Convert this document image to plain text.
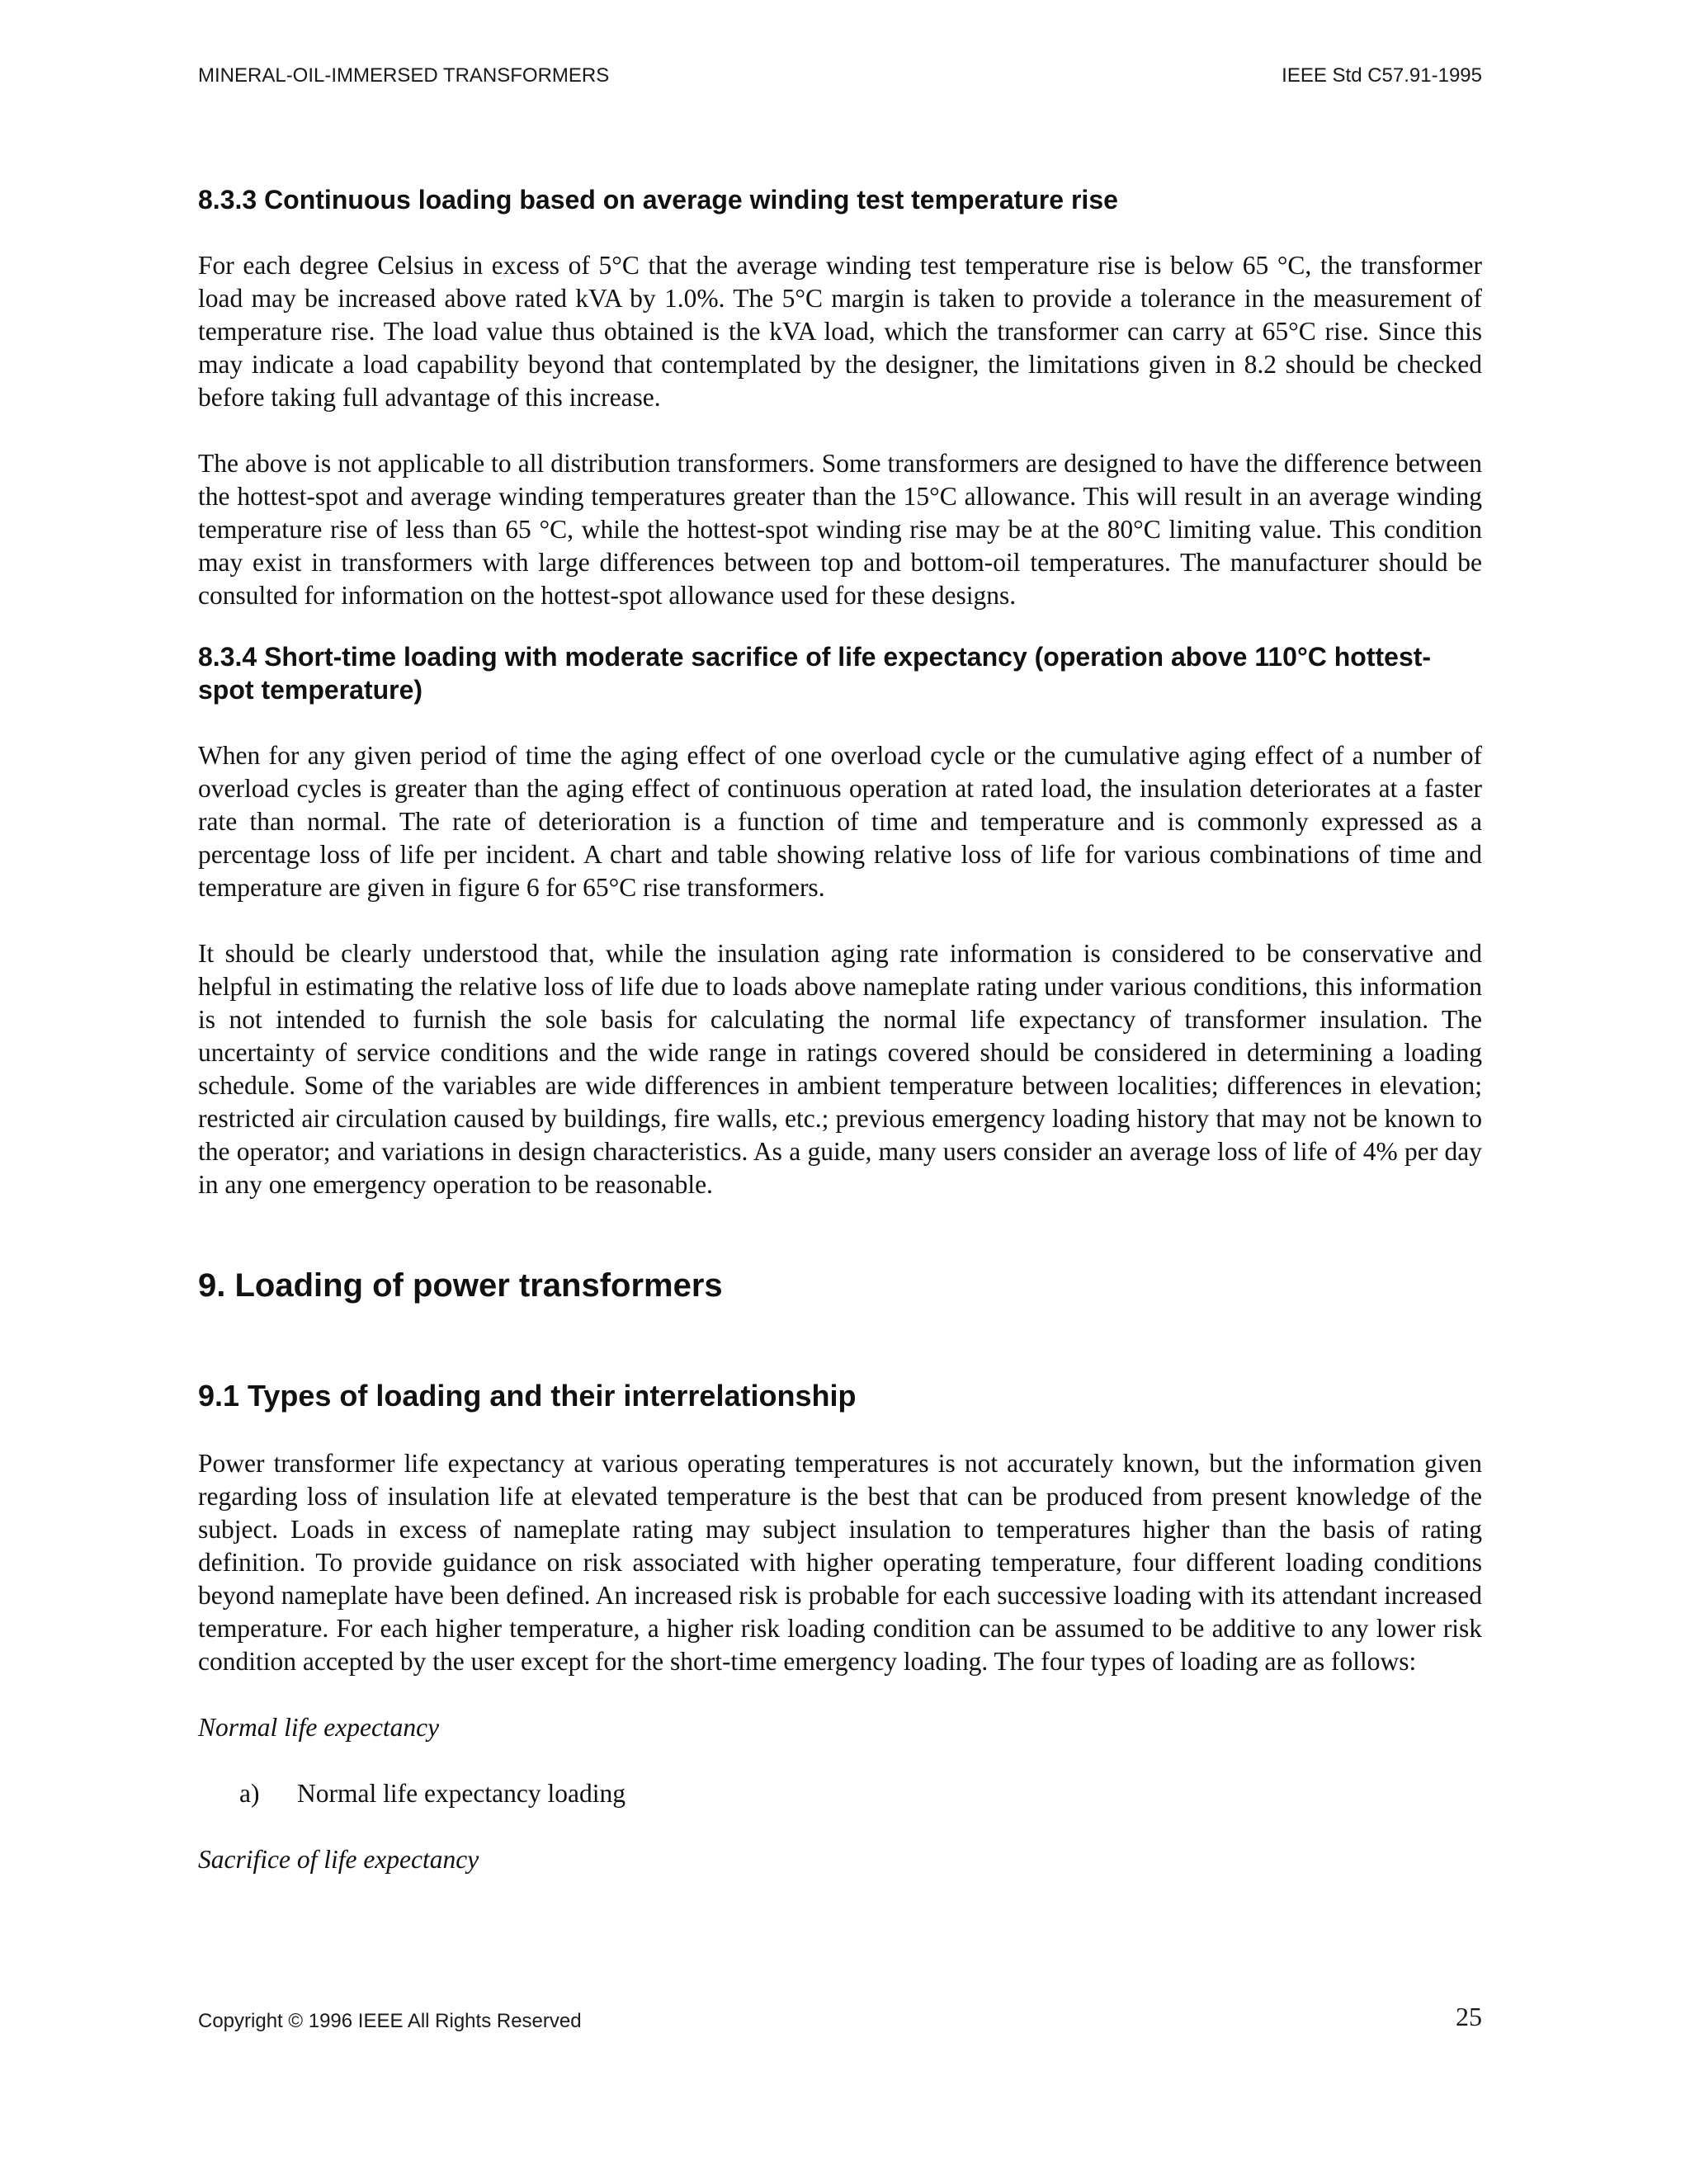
MINERAL-OIL-IMMERSED TRANSFORMERS	IEEE Std C57.91-1995
8.3.3 Continuous loading based on average winding test temperature rise

For each degree Celsius in excess of 5°C that the average winding test temperature rise is below 65 °C, the transformer load may be increased above rated kVA by 1.0%. The 5°C margin is taken to provide a tolerance in the measurement of temperature rise. The load value thus obtained is the kVA load, which the transformer can carry at 65°C rise. Since this may indicate a load capability beyond that contemplated by the designer, the limitations given in 8.2 should be checked before taking full advantage of this increase.

The above is not applicable to all distribution transformers. Some transformers are designed to have the difference between the hottest-spot and average winding temperatures greater than the 15°C allowance. This will result in an average winding temperature rise of less than 65 °C, while the hottest-spot winding rise may be at the 80°C limiting value. This condition may exist in transformers with large differences between top and bottom-oil temperatures. The manufacturer should be consulted for information on the hottest-spot allowance used for these designs.

8.3.4 Short-time loading with moderate sacrifice of life expectancy (operation above 110°C hottest-spot temperature)

When for any given period of time the aging effect of one overload cycle or the cumulative aging effect of a number of overload cycles is greater than the aging effect of continuous operation at rated load, the insulation deteriorates at a faster rate than normal. The rate of deterioration is a function of time and temperature and is commonly expressed as a percentage loss of life per incident. A chart and table showing relative loss of life for various combinations of time and temperature are given in figure 6 for 65°C rise transformers.

It should be clearly understood that, while the insulation aging rate information is considered to be conservative and helpful in estimating the relative loss of life due to loads above nameplate rating under various conditions, this information is not intended to furnish the sole basis for calculating the normal life expectancy of transformer insulation. The uncertainty of service conditions and the wide range in ratings covered should be considered in determining a loading schedule. Some of the variables are wide differences in ambient temperature between localities; differences in elevation; restricted air circulation caused by buildings, fire walls, etc.; previous emergency loading history that may not be known to the operator; and variations in design characteristics. As a guide, many users consider an average loss of life of 4% per day in any one emergency operation to be reasonable.

9. Loading of power transformers
9.1 Types of loading and their interrelationship

Power transformer life expectancy at various operating temperatures is not accurately known, but the information given regarding loss of insulation life at elevated temperature is the best that can be produced from present knowledge of the subject. Loads in excess of nameplate rating may subject insulation to temperatures higher than the basis of rating definition. To provide guidance on risk associated with higher operating temperature, four different loading conditions beyond nameplate have been defined. An increased risk is probable for each successive loading with its attendant increased temperature. For each higher temperature, a higher risk loading condition can be assumed to be additive to any lower risk condition accepted by the user except for the short-time emergency loading. The four types of loading are as follows:

Normal life expectancy

a) Normal life expectancy loading

Sacrifice of life expectancy

Copyright © 1996 IEEE All Rights Reserved	25
